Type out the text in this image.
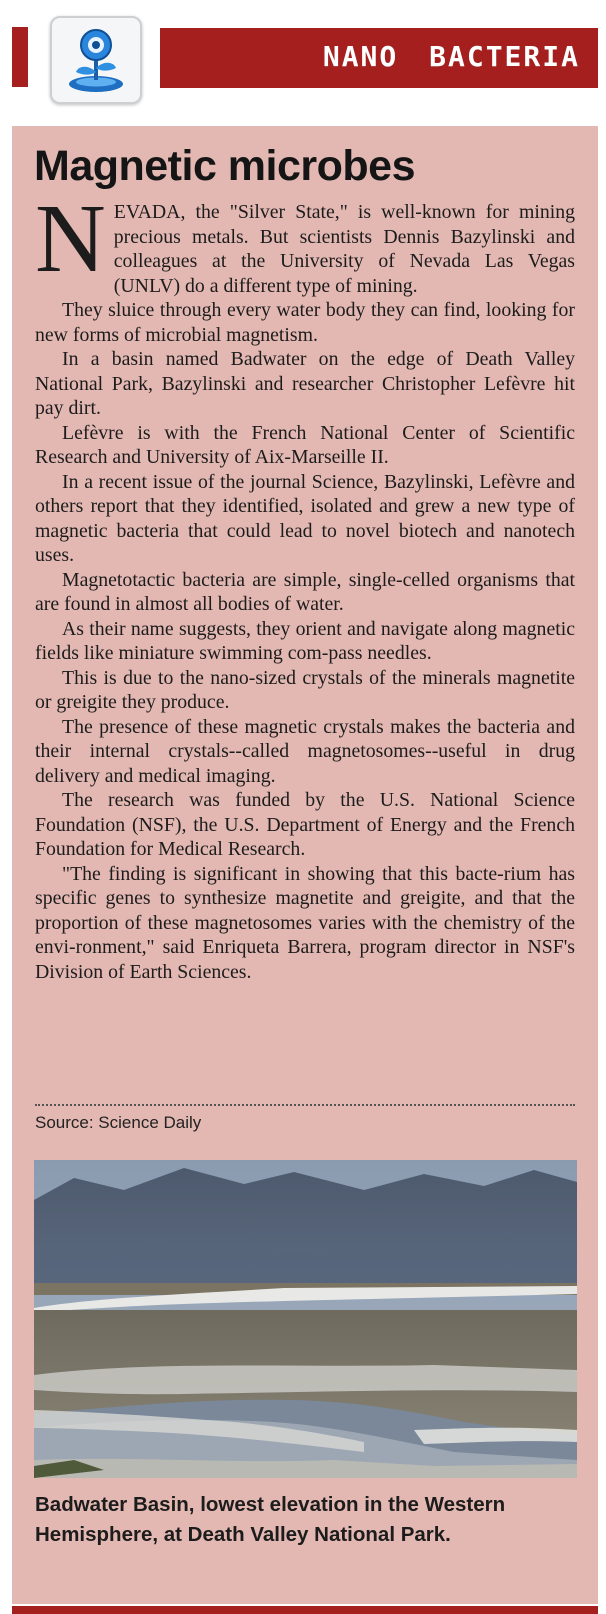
NANO BACTERIA
Magnetic microbes

NEVADA, the "Silver State," is well-known for mining precious metals. But scientists Dennis Bazylinski and colleagues at the University of Nevada Las Vegas (UNLV) do a different type of mining.

They sluice through every water body they can find, looking for new forms of microbial magnetism.

In a basin named Badwater on the edge of Death Valley National Park, Bazylinski and researcher Christopher Lefèvre hit pay dirt.

Lefèvre is with the French National Center of Scientific Research and University of Aix-Marseille II.

In a recent issue of the journal Science, Bazylinski, Lefèvre and others report that they identified, isolated and grew a new type of magnetic bacteria that could lead to novel biotech and nanotech uses.

Magnetotactic bacteria are simple, single-celled organisms that are found in almost all bodies of water.

As their name suggests, they orient and navigate along magnetic fields like miniature swimming com-pass needles.

This is due to the nano-sized crystals of the minerals magnetite or greigite they produce.

The presence of these magnetic crystals makes the bacteria and their internal crystals--called magnetosomes--useful in drug delivery and medical imaging.

The research was funded by the U.S. National Science Foundation (NSF), the U.S. Department of Energy and the French Foundation for Medical Research.

"The finding is significant in showing that this bacte-rium has specific genes to synthesize magnetite and greigite, and that the proportion of these magnetosomes varies with the chemistry of the envi-ronment," said Enriqueta Barrera, program director in NSF's Division of Earth Sciences.

Source: Science Daily
Badwater Basin, lowest elevation in the Western Hemisphere, at Death Valley National Park.
